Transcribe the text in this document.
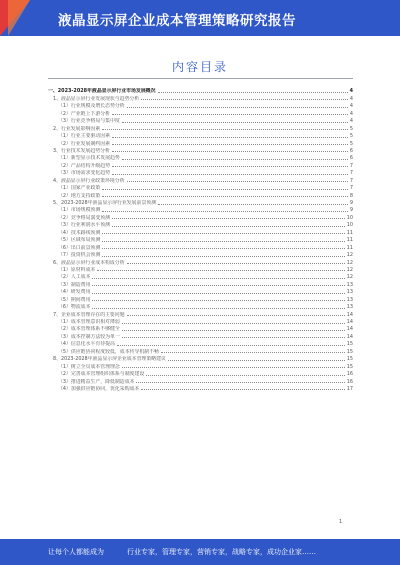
液晶显示屏企业成本管理策略研究报告
内容目录
一、2023-2028年液晶显示屏行业市场发展概况	4
1、液晶显示屏行业发展现状与趋势分析	4
（1）行业规模及增长态势分析	4
（2）产业链上下游分析	4
（3）行业竞争格局与集中度	4
2、行业发展影响因素	5
（1）行业主要驱动因素	5
（2）行业发展制约因素	5
3、行业技术发展趋势分析	6
（1）新型显示技术发展趋势	6
（2）产品结构升级趋势	7
（3）市场需求变化趋势	7
4、液晶显示屏行业政策环境分析	7
（1）国家产业政策	7
（2）地方支持政策	8
5、2023-2028年液晶显示屏行业发展前景预测	9
（1）市场规模预测	9
（2）竞争格局演变预测	10
（3）行业利润水平预测	10
（4）技术路线预测	11
（5）区域布局预测	11
（6）出口前景预测	11
（7）投资机会预测	12
6、液晶显示屏行业成本构成分析	12
（1）原材料成本	12
（2）人工成本	12
（3）制造费用	13
（4）研发费用	13
（5）期间费用	13
（6）物流成本	13
7、企业成本管理存在的主要问题	14
（1）成本管理意识相对薄弱	14
（2）成本管理体系不够健全	14
（3）成本控制方法较为单一	14
（4）信息化水平有待提高	15
（5）供应链协同程度较低，成本传导机制不畅	15
8、2023-2028年液晶显示屏企业成本管理策略建议	15
（1）树立全员成本管理理念	15
（2）完善成本管理组织体系与制度建设	16
（3）推进精益生产，降低制造成本	16
（4）加强供应链协同，优化采购成本	17
1
让每个人都能成为	行业专家，管理专家，营销专家，战略专家，成功企业家……
